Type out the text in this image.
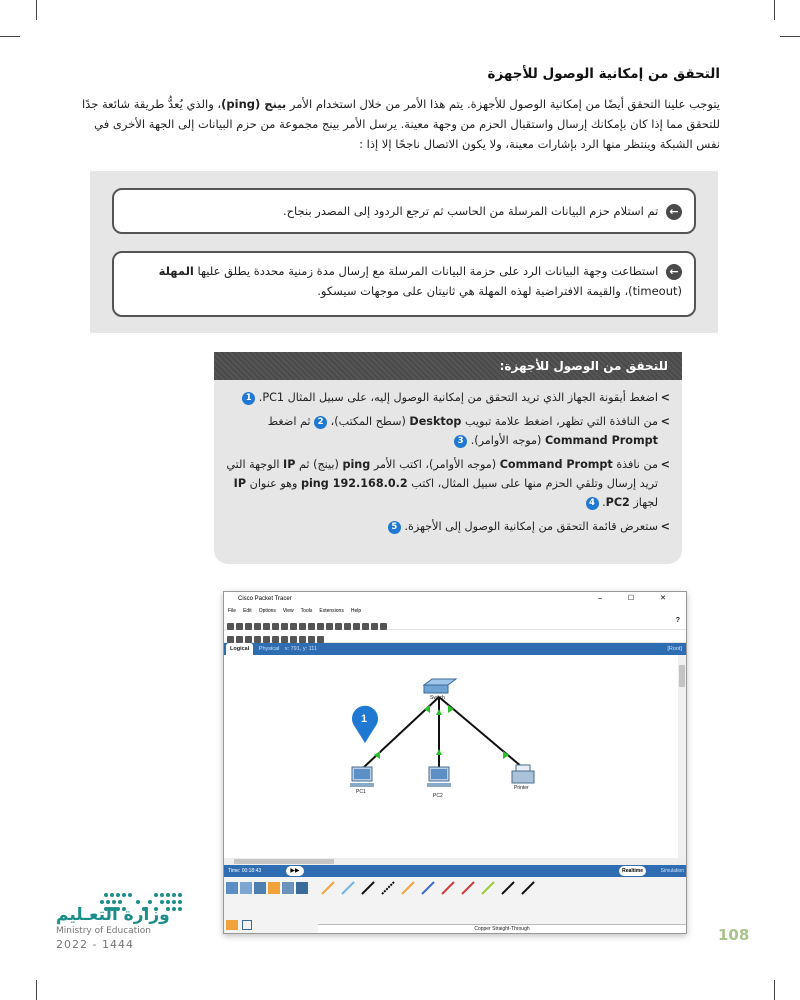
التحقق من إمكانية الوصول للأجهزة

يتوجب علينا التحقق أيضًا من إمكانية الوصول للأجهزة. يتم هذا الأمر من خلال استخدام الأمر بينج (ping)، والذي يُعدُّ طريقة شائعة جدًا للتحقق مما إذا كان بإمكانك إرسال واستقبال الحزم من وجهة معينة. يرسل الأمر بينج مجموعة من حزم البيانات إلى الجهة الأخرى في نفس الشبكة وينتظر منها الرد بإشارات معينة، ولا يكون الاتصال ناجحًا إلا إذا :

← تم استلام حزم البيانات المرسلة من الحاسب ثم ترجع الردود إلى المصدر بنجاح.
← استطاعت وجهة البيانات الرد على حزمة البيانات المرسلة مع إرسال مدة زمنية محددة يطلق عليها المهلة (timeout)، والقيمة الافتراضية لهذه المهلة هي ثانيتان على موجهات سيسكو.
للتحقق من الوصول للأجهزة:
> اضغط أيقونة الجهاز الذي تريد التحقق من إمكانية الوصول إليه، على سبيل المثال PC1. 1
> من النافذة التي تظهر، اضغط علامة تبويب Desktop (سطح المكتب)، 2 ثم اضغط
Command Prompt (موجه الأوامر). 3
> من نافذة Command Prompt (موجه الأوامر)، اكتب الأمر ping (بينج) ثم IP الوجهة التي تريد إرسال وتلقي الحزم منها على سبيل المثال، اكتب ping 192.168.0.2 وهو عنوان IP لجهاز PC2. 4
> ستعرض قائمة التحقق من إمكانية الوصول إلى الأجهزة. 5
Cisco Packet Tracer	– ☐ ✕
File Edit Options View Tools Extensions Help
?
Logical Physical x: 791, y: 111	[Root]
Switch
PC1
PC2
Printer
1
Time: 00:18:43	▶▶	Realtime	Simulation
Copper Straight-Through
وزارة التعـليم
Ministry of Education
2022 - 1444
108
